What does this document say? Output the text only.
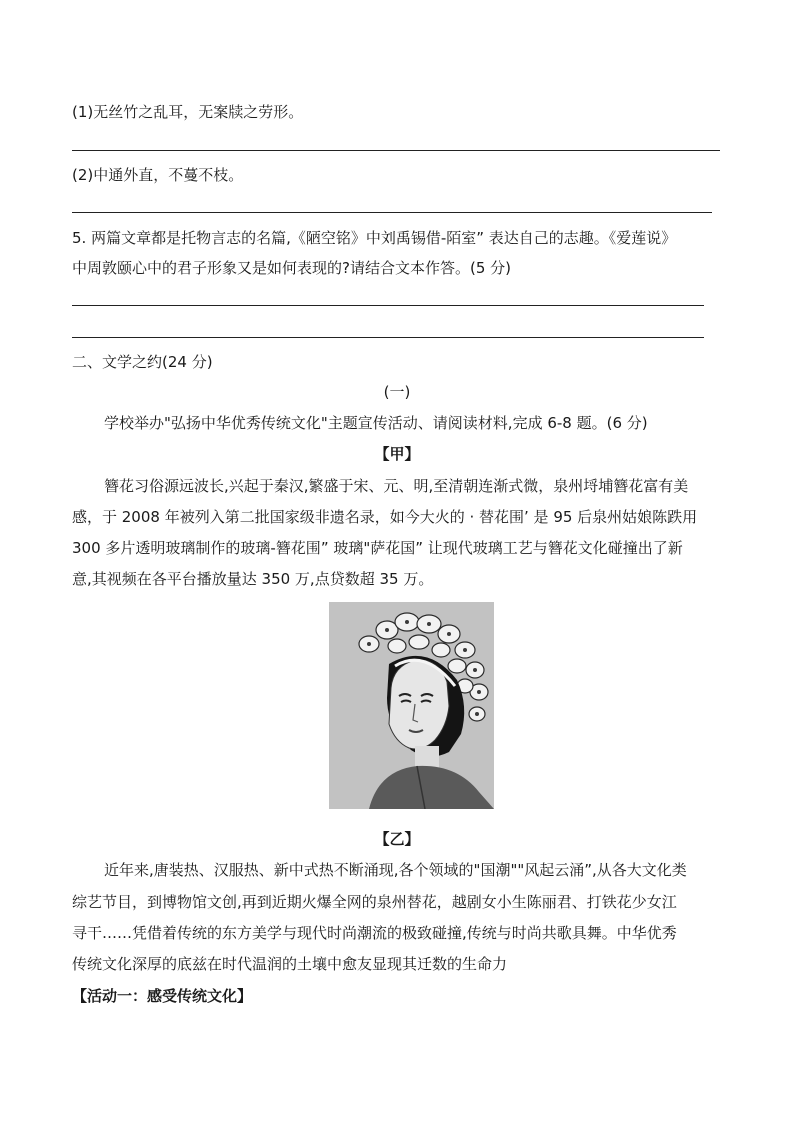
(1)无丝竹之乱耳，无案牍之劳形。
(2)中通外直，不蔓不枝。
5. 两篇文章都是托物言志的名篇,《陋空铭》中刘禹锡借-陌室” 表达自己的志趣。《爱莲说》
中周敦颐心中的君子形象又是如何表现的?请结合文本作答。(5 分)
二、文学之约(24 分)
(一)
学校举办"弘扬中华优秀传统文化"主题宣传活动、请阅读材料,完成 6-8 题。(6 分)
【甲】
簪花习俗源远波长,兴起于秦汉,繁盛于宋、元、明,至清朝连渐式微，泉州埒埔簪花富有美
感，于 2008 年被列入第二批国家级非遗名录，如今大火的 · 替花围’ 是 95 后泉州姑娘陈跌用
300 多片透明玻璃制作的玻璃-簪花围” 玻璃"萨花国” 让现代玻璃工艺与簪花文化碰撞出了新
意,其视频在各平台播放量达 350 万,点贷数超 35 万。
【乙】
近年来,唐装热、汉服热、新中式热不断涌现,各个领域的"国潮""风起云涌”,从各大文化类
综艺节目，到博物馆文创,再到近期火爆全网的泉州替花，越剧女小生陈丽君、打铁花少女江
寻干……凭借着传统的东方美学与现代时尚潮流的极致碰撞,传统与时尚共歌具舞。中华优秀
传统文化深厚的底兹在时代温润的土壤中愈友显现其迁数的生命力
【活动一：感受传统文化】
